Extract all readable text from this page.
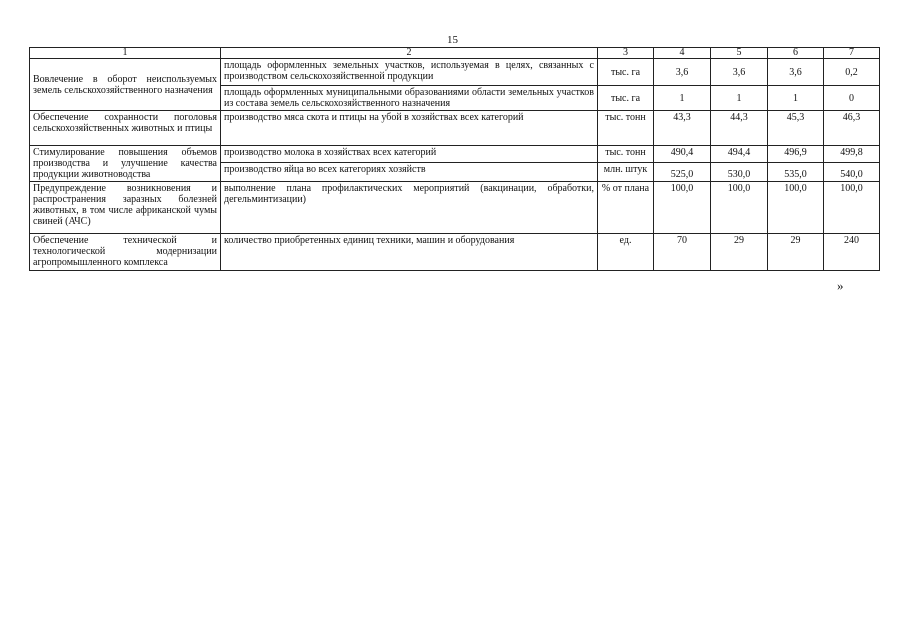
15
1	2	3	4	5	6	7
Вовлечение в оборот неиспользуемых земель сельскохозяйственного назначения	площадь оформленных земельных участков, используемая в целях, связанных с производством сельскохозяйственной продукции	тыс. га	3,6	3,6	3,6	0,2
	площадь оформленных муниципальными образованиями области земельных участков из состава земель сельскохозяйственного назначения	тыс. га	1	1	1	0
Обеспечение сохранности поголовья сельскохозяйственных животных и птицы	производство мяса скота и птицы на убой в хозяйствах всех категорий	тыс. тонн	43,3	44,3	45,3	46,3
Стимулирование повышения объемов производства и улучшение качества продукции животноводства	производство молока в хозяйствах всех категорий	тыс. тонн	490,4	494,4	496,9	499,8
	производство яйца во всех категориях хозяйств	млн. штук	525,0	530,0	535,0	540,0
Предупреждение возникновения и распространения заразных болезней животных, в том числе африканской чумы свиней (АЧС)	выполнение плана профилактических мероприятий (вакцинации, обработки, дегельминтизации)	% от плана	100,0	100,0	100,0	100,0
Обеспечение технической и технологической модернизации агропромышленного комплекса	количество приобретенных единиц техники, машин и оборудования	ед.	70	29	29	240
»
